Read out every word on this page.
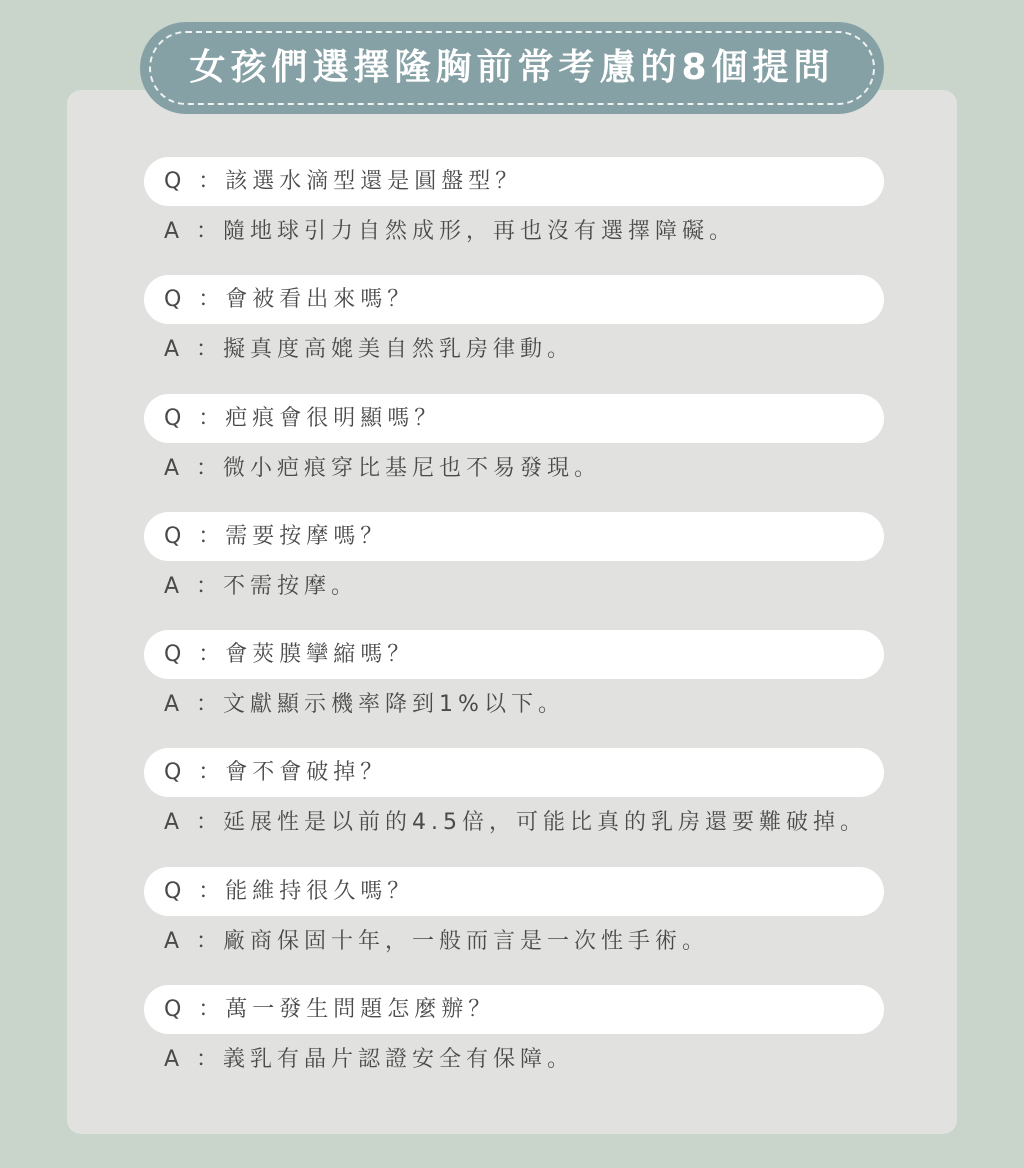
女孩們選擇隆胸前常考慮的8個提問
Q ：該選水滴型還是圓盤型？
A ：隨地球引力自然成形，再也沒有選擇障礙。
Q ：會被看出來嗎？
A ：擬真度高媲美自然乳房律動。
Q ：疤痕會很明顯嗎？
A ：微小疤痕穿比基尼也不易發現。
Q ：需要按摩嗎？
A ：不需按摩。
Q ：會莢膜攣縮嗎？
A ：文獻顯示機率降到1%以下。
Q ：會不會破掉？
A ：延展性是以前的4.5倍，可能比真的乳房還要難破掉。
Q ：能維持很久嗎？
A ：廠商保固十年，一般而言是一次性手術。
Q ：萬一發生問題怎麼辦？
A ：義乳有晶片認證安全有保障。
